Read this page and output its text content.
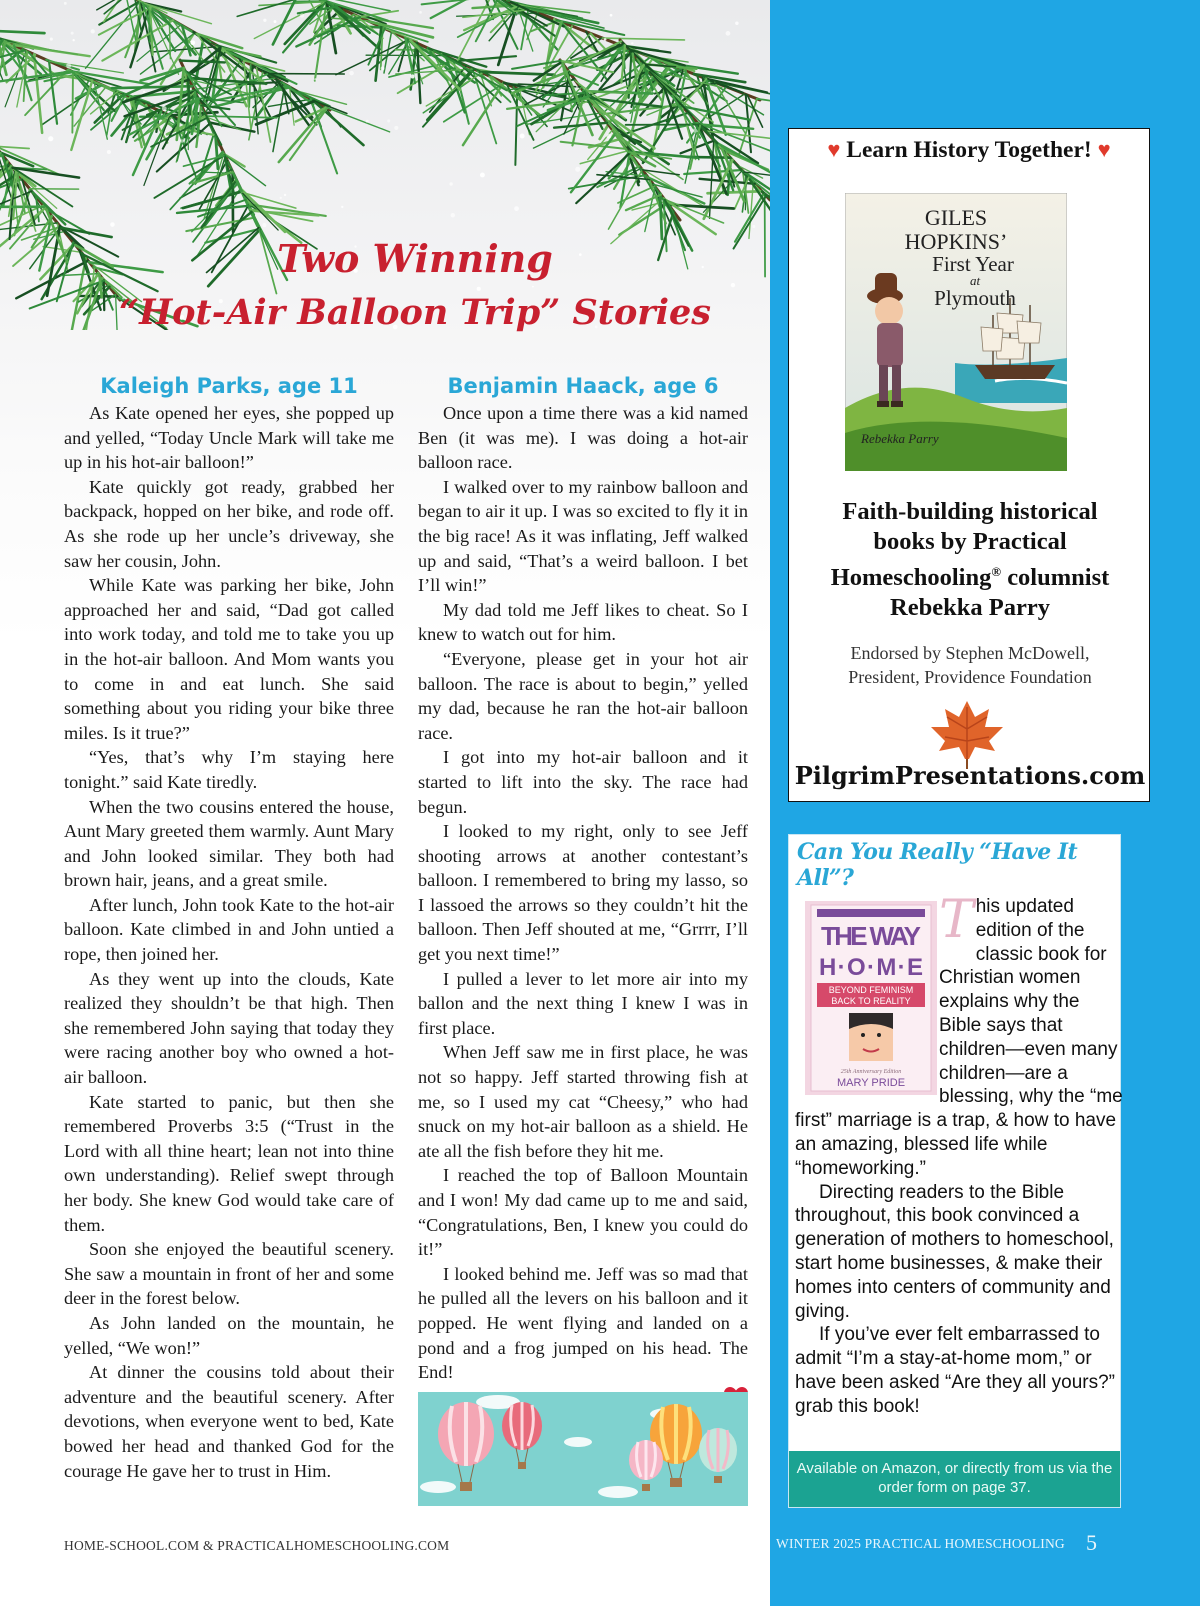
Two Winning
“Hot-Air Balloon Trip” Stories
Kaleigh Parks, age 11

As Kate opened her eyes, she popped up and yelled, “Today Uncle Mark will take me up in his hot-air balloon!”

Kate quickly got ready, grabbed her backpack, hopped on her bike, and rode off. As she rode up her uncle’s driveway, she saw her cousin, John.

While Kate was parking her bike, John approached her and said, “Dad got called into work today, and told me to take you up in the hot-air balloon. And Mom wants you to come in and eat lunch. She said something about you riding your bike three miles. Is it true?”

“Yes, that’s why I’m staying here tonight.” said Kate tiredly.

When the two cousins entered the house, Aunt Mary greeted them warmly. Aunt Mary and John looked similar. They both had brown hair, jeans, and a great smile.

After lunch, John took Kate to the hot-air balloon. Kate climbed in and John untied a rope, then joined her.

As they went up into the clouds, Kate realized they shouldn’t be that high. Then she remembered John saying that today they were racing another boy who owned a hot-air balloon.

Kate started to panic, but then she remembered Proverbs 3:5 (“Trust in the Lord with all thine heart; lean not into thine own understanding). Relief swept through her body. She knew God would take care of them.

Soon she enjoyed the beautiful scenery. She saw a mountain in front of her and some deer in the forest below.

As John landed on the mountain, he yelled, “We won!”

At dinner the cousins told about their adventure and the beautiful scenery. After devotions, when everyone went to bed, Kate bowed her head and thanked God for the courage He gave her to trust in Him.

Benjamin Haack, age 6

Once upon a time there was a kid named Ben (it was me). I was doing a hot-air balloon race.

I walked over to my rainbow balloon and began to air it up. I was so excited to fly it in the big race! As it was inflating, Jeff walked up and said, “That’s a weird balloon. I bet I’ll win!”

My dad told me Jeff likes to cheat. So I knew to watch out for him.

“Everyone, please get in your hot air balloon. The race is about to begin,” yelled my dad, because he ran the hot-air balloon race.

I got into my hot-air balloon and it started to lift into the sky. The race had begun.

I looked to my right, only to see Jeff shooting arrows at another contestant’s balloon. I remembered to bring my lasso, so I lassoed the arrows so they couldn’t hit the balloon. Then Jeff shouted at me, “Grrrr, I’ll get you next time!”

I pulled a lever to let more air into my ballon and the next thing I knew I was in first place.

When Jeff saw me in first place, he was not so happy. Jeff started throwing fish at me, so I used my cat “Cheesy,” who had snuck on my hot-air balloon as a shield. He ate all the fish before they hit me.

I reached the top of Balloon Mountain and I won! My dad came up to me and said, “Congratulations, Ben, I knew you could do it!”

I looked behind me. Jeff was so mad that he pulled all the levers on his balloon and it popped. He went flying and landed on a pond and a frog jumped on his head. The End!

HOME-SCHOOL.COM & PRACTICALHOMESCHOOLING.COM
♥ Learn History Together! ♥
GILES
HOPKINS’
First Year
at
Plymouth
Rebekka Parry
Faith-building historical
books by Practical
Homeschooling® columnist
Rebekka Parry
Endorsed by Stephen McDowell,
President, Providence Foundation
PilgrimPresentations.com
Can You Really “Have It All”?
THE WAY
H·O·M·E
BEYOND FEMINISM
BACK TO REALITY
25th Anniversary Edition
MARY PRIDE

This updated edition of the classic book for Christian women explains why the Bible says that children—even many children—are a blessing, why the “me first” marriage is a trap, & how to have an amazing, blessed life while “homeworking.”

Directing readers to the Bible throughout, this book convinced a generation of mothers to homeschool, start home businesses, & make their homes into centers of community and giving.

If you’ve ever felt embarrassed to admit “I’m a stay-at-home mom,” or have been asked “Are they all yours?” grab this book!

Available on Amazon, or directly from us via the order form on page 37.
WINTER 2025 PRACTICAL HOMESCHOOLING 5
